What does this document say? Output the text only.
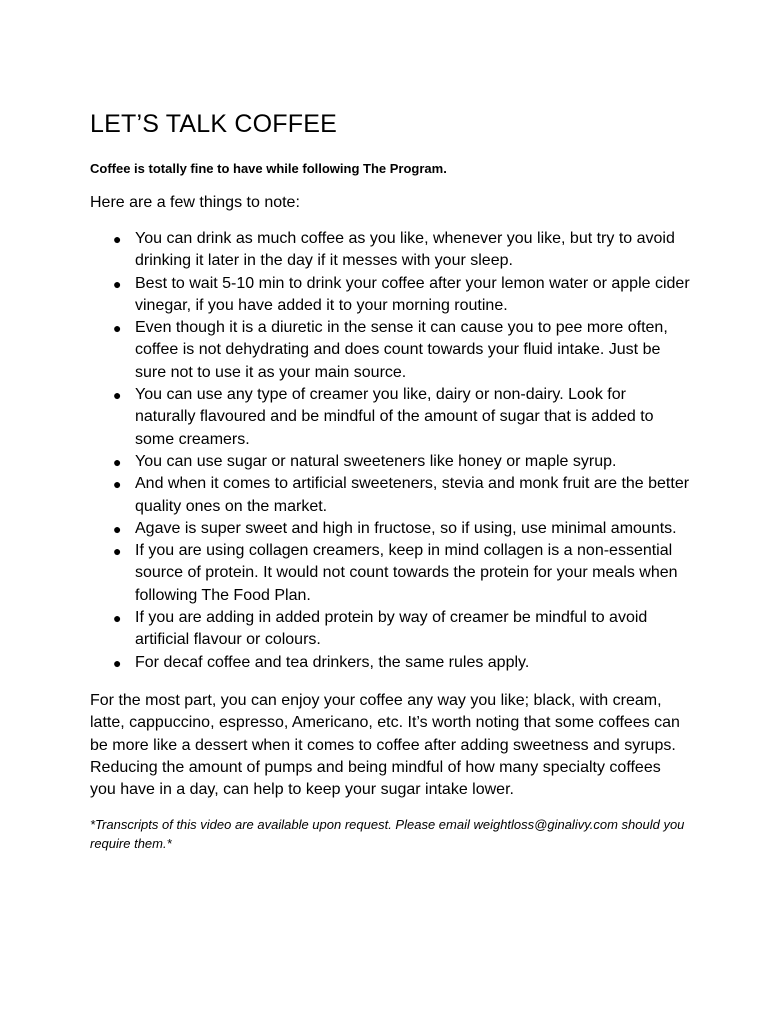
LET’S TALK COFFEE

Coffee is totally fine to have while following The Program.

Here are a few things to note:

● You can drink as much coffee as you like, whenever you like, but try to avoid drinking it later in the day if it messes with your sleep.
● Best to wait 5-10 min to drink your coffee after your lemon water or apple cider vinegar, if you have added it to your morning routine.
● Even though it is a diuretic in the sense it can cause you to pee more often, coffee is not dehydrating and does count towards your fluid intake. Just be sure not to use it as your main source.
● You can use any type of creamer you like, dairy or non-dairy. Look for naturally flavoured and be mindful of the amount of sugar that is added to some creamers.
● You can use sugar or natural sweeteners like honey or maple syrup.
● And when it comes to artificial sweeteners, stevia and monk fruit are the better quality ones on the market.
● Agave is super sweet and high in fructose, so if using, use minimal amounts.
● If you are using collagen creamers, keep in mind collagen is a non-essential source of protein. It would not count towards the protein for your meals when following The Food Plan.
● If you are adding in added protein by way of creamer be mindful to avoid artificial flavour or colours.
● For decaf coffee and tea drinkers, the same rules apply.

For the most part, you can enjoy your coffee any way you like; black, with cream, latte, cappuccino, espresso, Americano, etc. It’s worth noting that some coffees can be more like a dessert when it comes to coffee after adding sweetness and syrups. Reducing the amount of pumps and being mindful of how many specialty coffees you have in a day, can help to keep your sugar intake lower.

*Transcripts of this video are available upon request. Please email weightloss@ginalivy.com should you require them.*
